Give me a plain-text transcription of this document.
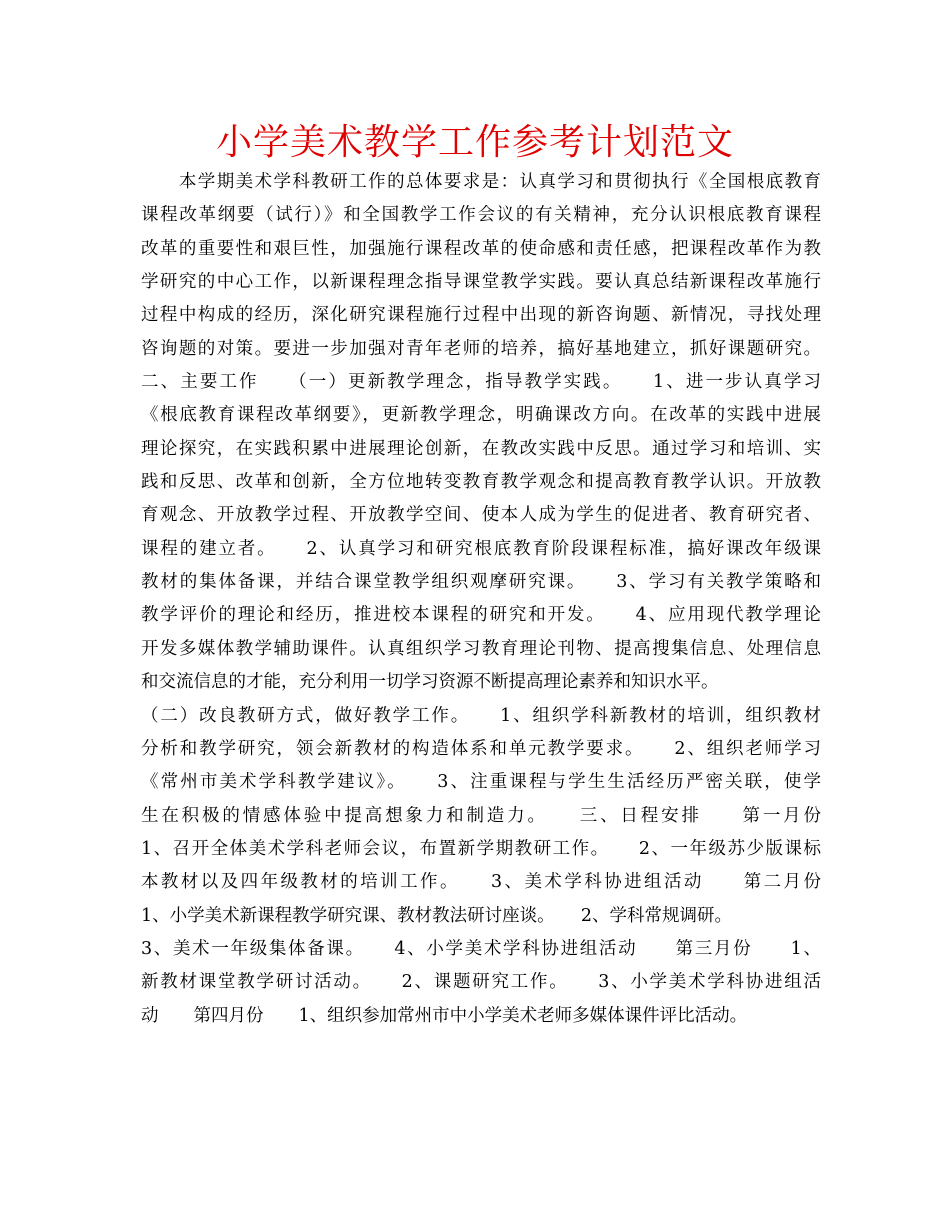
小学美术教学工作参考计划范文
　　本学期美术学科教研工作的总体要求是：认真学习和贯彻执行《全国根底教育
课程改革纲要（试行）》和全国教学工作会议的有关精神，充分认识根底教育课程
改革的重要性和艰巨性，加强施行课程改革的使命感和责任感，把课程改革作为教
学研究的中心工作，以新课程理念指导课堂教学实践。要认真总结新课程改革施行
过程中构成的经历，深化研究课程施行过程中出现的新咨询题、新情况，寻找处理
咨询题的对策。要进一步加强对青年老师的培养，搞好基地建立，抓好课题研究。
二、主要工作　　（一）更新教学理念，指导教学实践。　　1、进一步认真学习
《根底教育课程改革纲要》，更新教学理念，明确课改方向。在改革的实践中进展
理论探究，在实践积累中进展理论创新，在教改实践中反思。通过学习和培训、实
践和反思、改革和创新，全方位地转变教育教学观念和提高教育教学认识。开放教
育观念、开放教学过程、开放教学空间、使本人成为学生的促进者、教育研究者、
课程的建立者。　　2、认真学习和研究根底教育阶段课程标准，搞好课改年级课
教材的集体备课，并结合课堂教学组织观摩研究课。　　3、学习有关教学策略和
教学评价的理论和经历，推进校本课程的研究和开发。　　4、应用现代教学理论
开发多媒体教学辅助课件。认真组织学习教育理论刊物、提高搜集信息、处理信息
和交流信息的才能，充分利用一切学习资源不断提高理论素养和知识水平。
（二）改良教研方式，做好教学工作。　　1、组织学科新教材的培训，组织教材
分析和教学研究，领会新教材的构造体系和单元教学要求。　　2、组织老师学习
《常州市美术学科教学建议》。　　3、注重课程与学生生活经历严密关联，使学
生在积极的情感体验中提高想象力和制造力。　　三、日程安排　　第一月份
1、召开全体美术学科老师会议，布置新学期教研工作。　　2、一年级苏少版课标
本教材以及四年级教材的培训工作。　　3、美术学科协进组活动　　第二月份
1、小学美术新课程教学研究课、教材教法研讨座谈。　　2、学科常规调研。
3、美术一年级集体备课。　　4、小学美术学科协进组活动　　第三月份　　1、
新教材课堂教学研讨活动。　　2、课题研究工作。　　3、小学美术学科协进组活
动　　第四月份　　1、组织参加常州市中小学美术老师多媒体课件评比活动。
